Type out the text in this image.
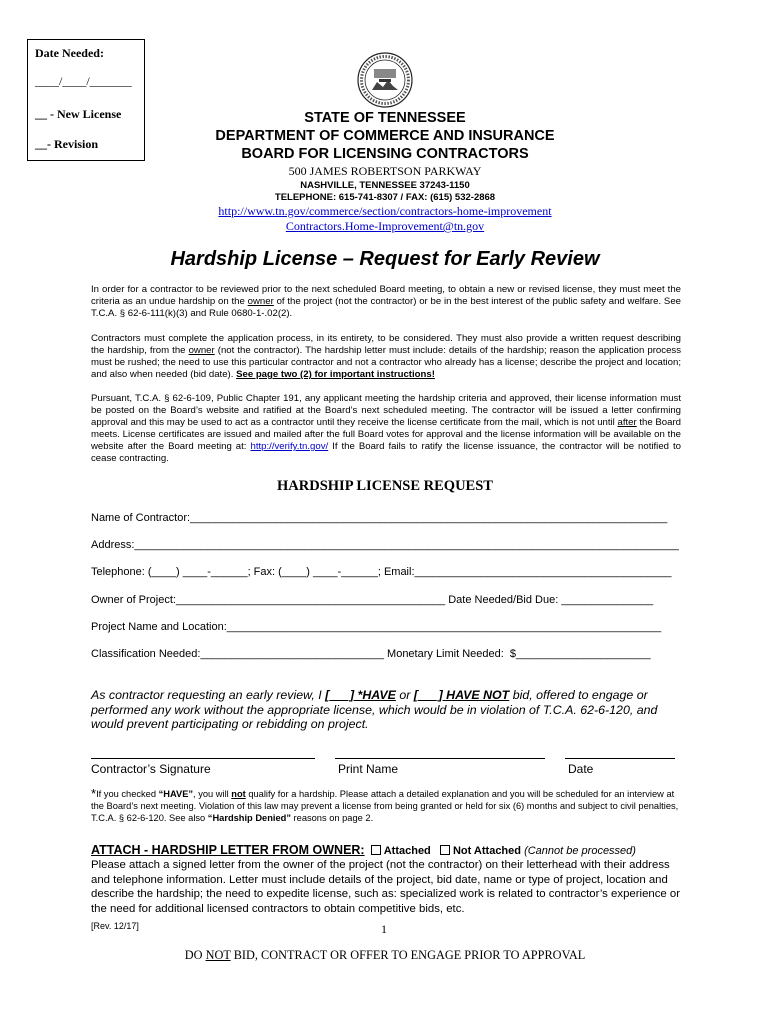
Date Needed:
____/____/_______
__ - New License
__- Revision
STATE OF TENNESSEE
DEPARTMENT OF COMMERCE AND INSURANCE
BOARD FOR LICENSING CONTRACTORS
500 JAMES ROBERTSON PARKWAY
NASHVILLE, TENNESSEE 37243-1150
TELEPHONE: 615-741-8307 / FAX: (615) 532-2868
http://www.tn.gov/commerce/section/contractors-home-improvement
Contractors.Home-Improvement@tn.gov
Hardship License – Request for Early Review
In order for a contractor to be reviewed prior to the next scheduled Board meeting, to obtain a new or revised license, they must meet the criteria as an undue hardship on the owner of the project (not the contractor) or be in the best interest of the public safety and welfare. See T.C.A. § 62-6-111(k)(3) and Rule 0680-1-.02(2).
Contractors must complete the application process, in its entirety, to be considered. They must also provide a written request describing the hardship, from the owner (not the contractor). The hardship letter must include: details of the hardship; reason the application process must be rushed; the need to use this particular contractor and not a contractor who already has a license; describe the project and location; and also when needed (bid date). See page two (2) for important instructions!
Pursuant, T.C.A. § 62-6-109, Public Chapter 191, any applicant meeting the hardship criteria and approved, their license information must be posted on the Board’s website and ratified at the Board’s next scheduled meeting. The contractor will be issued a letter confirming approval and this may be used to act as a contractor until they receive the license certificate from the mail, which is not until after the Board meets. License certificates are issued and mailed after the full Board votes for approval and the license information will be available on the website after the Board meeting at: http://verify.tn.gov/ If the Board fails to ratify the license issuance, the contractor will be notified to cease contracting.
HARDSHIP LICENSE REQUEST
Name of Contractor:______________________________________________________________________________
Address:_________________________________________________________________________________________
Telephone: (____) ____-______; Fax: (____) ____-______; Email:__________________________________________
Owner of Project:____________________________________________ Date Needed/Bid Due: _______________
Project Name and Location:_______________________________________________________________________
Classification Needed:______________________________ Monetary Limit Needed:  $______________________
As contractor requesting an early review, I [___] *HAVE or [___] HAVE NOT bid, offered to engage or performed any work without the appropriate license, which would be in violation of T.C.A. 62-6-120, and would prevent participating or rebidding on project.
Contractor’s Signature	Print Name	Date
*If you checked “HAVE”, you will not qualify for a hardship. Please attach a detailed explanation and you will be scheduled for an interview at the Board’s next meeting. Violation of this law may prevent a license from being granted or held for six (6) months and subject to civil penalties, T.C.A. § 62-6-120. See also “Hardship Denied” reasons on page 2.
ATTACH - HARDSHIP LETTER FROM OWNER: Attached Not Attached (Cannot be processed)
Please attach a signed letter from the owner of the project (not the contractor) on their letterhead with their address and telephone information. Letter must include details of the project, bid date, name or type of project, location and describe the hardship; the need to expedite license, such as: specialized work is related to contractor’s experience or the need for additional licensed contractors to obtain competitive bids, etc.
[Rev. 12/17]	1
DO NOT BID, CONTRACT OR OFFER TO ENGAGE PRIOR TO APPROVAL
